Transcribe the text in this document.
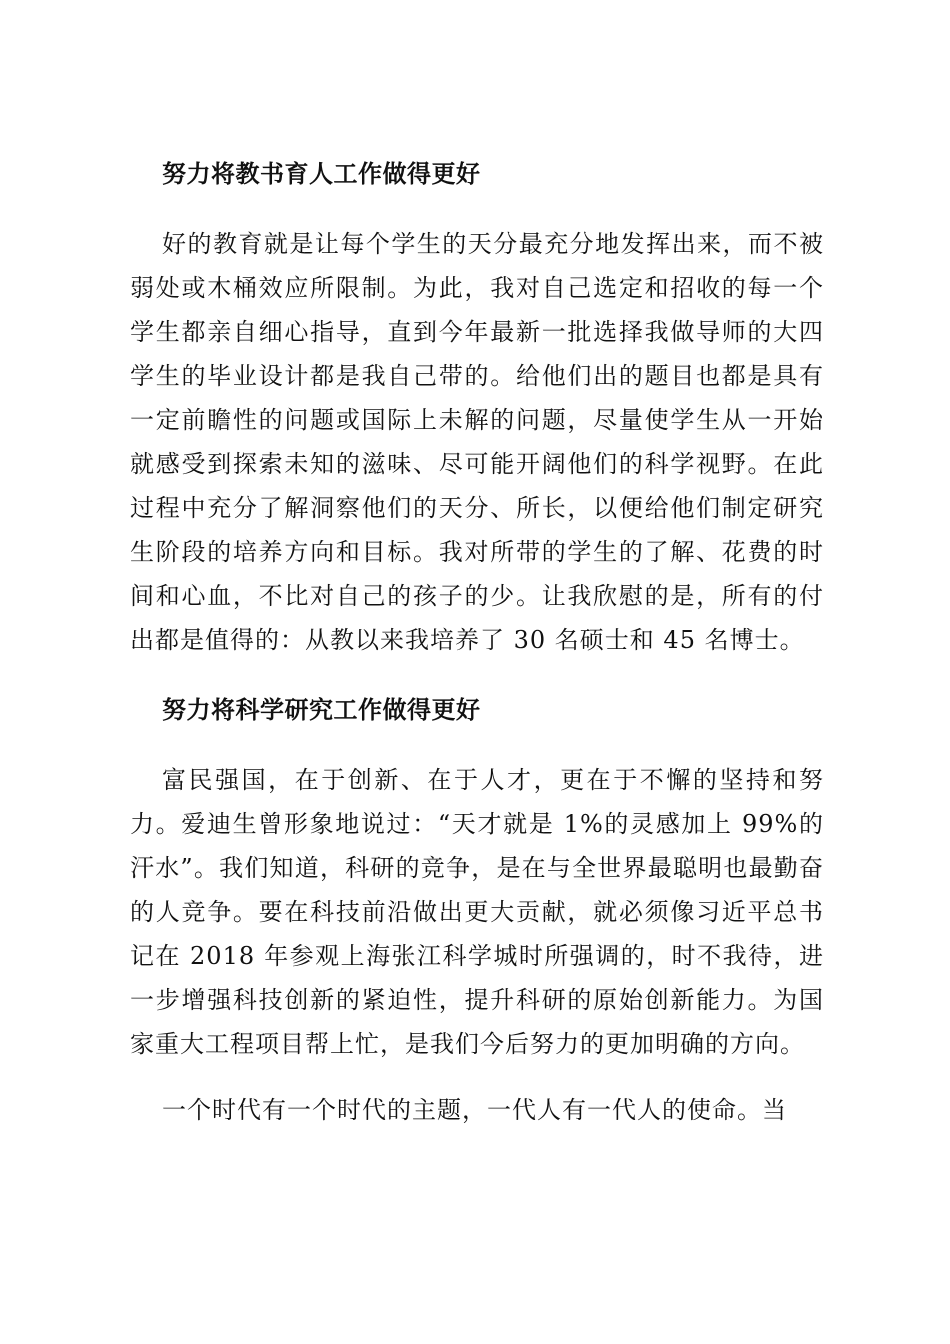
努力将教书育人工作做得更好

好的教育就是让每个学生的天分最充分地发挥出来，而不被弱处或木桶效应所限制。为此，我对自己选定和招收的每一个学生都亲自细心指导，直到今年最新一批选择我做导师的大四学生的毕业设计都是我自己带的。给他们出的题目也都是具有一定前瞻性的问题或国际上未解的问题，尽量使学生从一开始就感受到探索未知的滋味、尽可能开阔他们的科学视野。在此过程中充分了解洞察他们的天分、所长，以便给他们制定研究生阶段的培养方向和目标。我对所带的学生的了解、花费的时间和心血，不比对自己的孩子的少。让我欣慰的是，所有的付出都是值得的：从教以来我培养了 30 名硕士和 45 名博士。

努力将科学研究工作做得更好

富民强国，在于创新、在于人才，更在于不懈的坚持和努力。爱迪生曾形象地说过：“天才就是 1%的灵感加上 99%的汗水”。我们知道，科研的竞争，是在与全世界最聪明也最勤奋的人竞争。要在科技前沿做出更大贡献，就必须像习近平总书记在 2018 年参观上海张江科学城时所强调的，时不我待，进一步增强科技创新的紧迫性，提升科研的原始创新能力。为国家重大工程项目帮上忙，是我们今后努力的更加明确的方向。

一个时代有一个时代的主题，一代人有一代人的使命。当
